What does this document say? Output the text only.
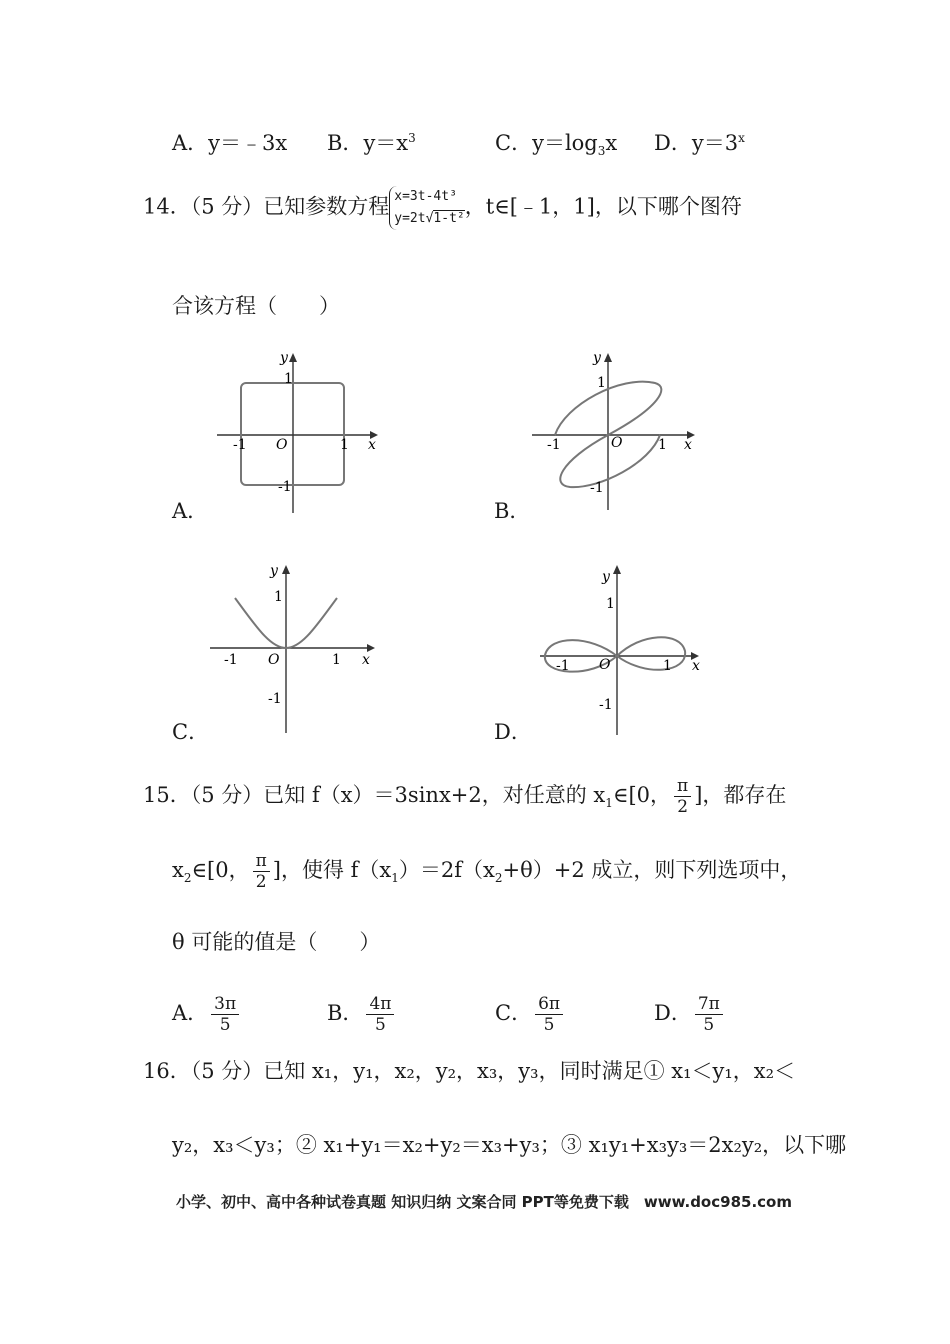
A．y＝﹣3x B．$y=x^3$	C．$y=\log_3x$ D．$y=3^x$
14．（5 分）已知参数方程 x=3t-4t³
y=2t√1-t² ，t∈[﹣1，1]，以下哪个图符
合该方程（　　）
y
1
-1 O	1 x
-1
A．
y
1
-1	O	1 x
-1
B．
y
1
-1 O	1 x
-1
C．
y
1
-1 O	1 x
-1
D．
15．（5 分）已知 f（x）＝3sinx+2，对任意的 $x_1\in[0$， $\frac{\pi}{2}$ ]，都存在
$x_2\in[0$， $\frac{\pi}{2}$ ]，使得 $f(x_1)=2f(x_2+\theta)+2$ 成立，则下列选项中，
θ 可能的值是（　　）
A． $\frac{3\pi}{5}$	B． $\frac{4\pi}{5}$	C． $\frac{6\pi}{5}$	D． $\frac{7\pi}{5}$
16．（5 分）已知 x₁，y₁，x₂，y₂，x₃，y₃，同时满足① x₁＜y₁，x₂＜
y₂，x₃＜y₃；② x₁+y₁＝x₂+y₂＝x₃+y₃；③ x₁y₁+x₃y₃＝2x₂y₂，以下哪
小学、初中、高中各种试卷真题 知识归纳 文案合同 PPT等免费下载　www.doc985.com
